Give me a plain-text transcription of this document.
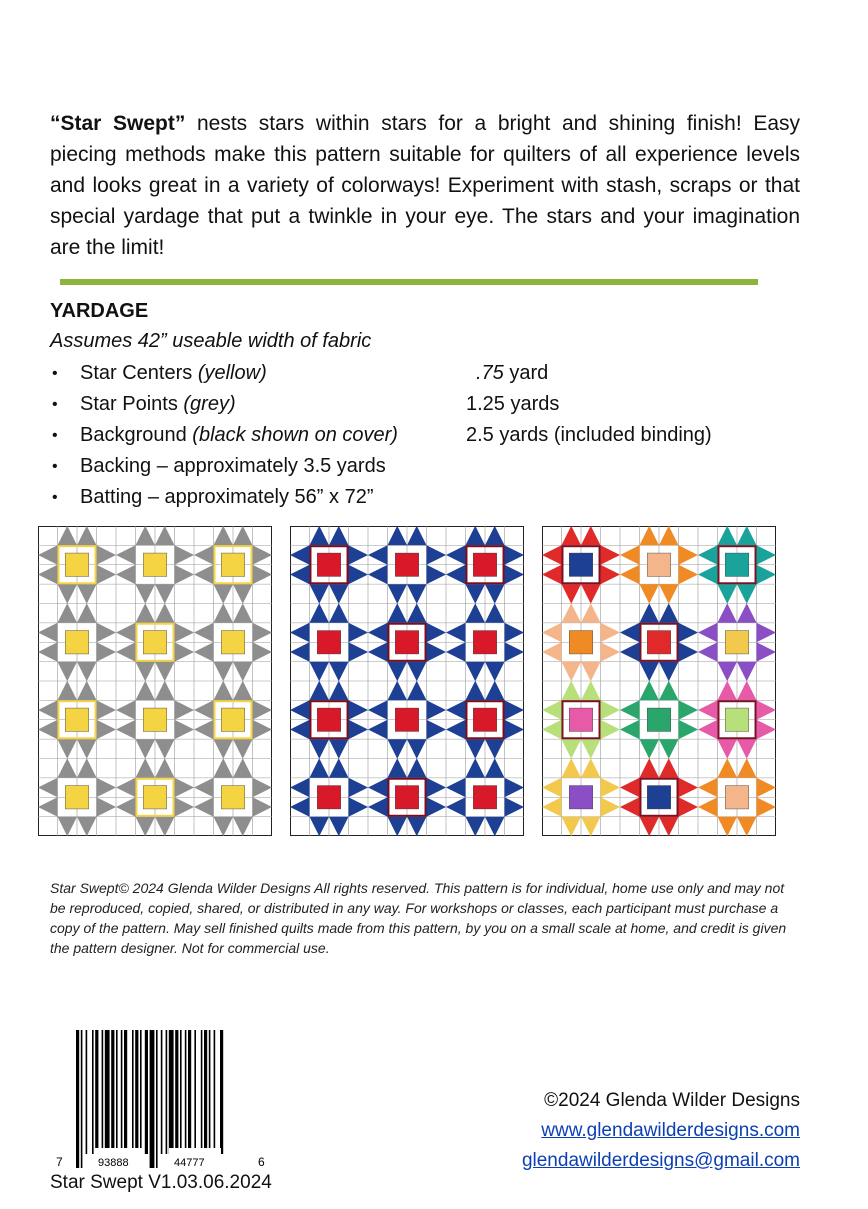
“Star Swept” nests stars within stars for a bright and shining finish! Easy piecing methods make this pattern suitable for quilters of all experience levels and looks great in a variety of colorways! Experiment with stash, scraps or that special yardage that put a twinkle in your eye. The stars and your imagination are the limit!

YARDAGE
Assumes 42” useable width of fabric
• Star Centers (yellow)	.75 yard
• Star Points (grey)	1.25 yards
• Background (black shown on cover)	2.5 yards (included binding)
• Backing – approximately 3.5 yards
• Batting – approximately 56” x 72”

Star Swept© 2024 Glenda Wilder Designs All rights reserved. This pattern is for individual, home use only and may not be reproduced, copied, shared, or distributed in any way. For workshops or classes, each participant must purchase a copy of the pattern. May sell finished quilts made from this pattern, by you on a small scale at home, and credit is given the pattern designer. Not for commercial use.

7	93888	44777	6
©2024 Glenda Wilder Designs
www.glendawilderdesigns.com
glendawilderdesigns@gmail.com
Star Swept V1.03.06.2024
